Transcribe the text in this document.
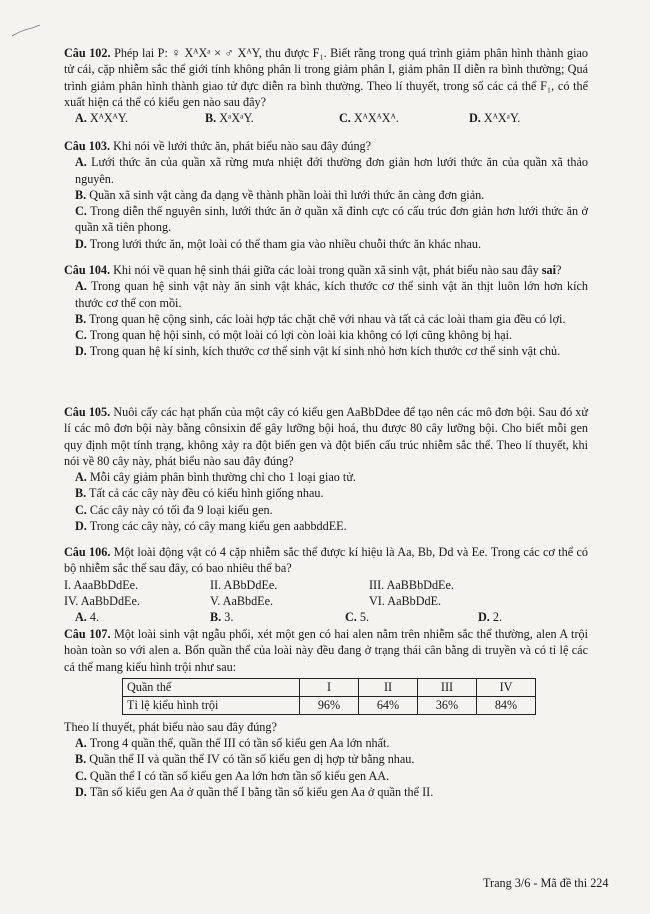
Câu 102. Phép lai P: ♀ XᴬXᵃ × ♂ XᴬY, thu được F₁. Biết rằng trong quá trình giảm phân hình thành giao tử cái, cặp nhiễm sắc thể giới tính không phân li trong giảm phân I, giảm phân II diễn ra bình thường; Quá trình giảm phân hình thành giao tử đực diễn ra bình thường. Theo lí thuyết, trong số các cá thể F₁, có thể xuất hiện cá thể có kiểu gen nào sau đây?

A. XᴬXᴬY.	B. XᵃXᵃY.	C. XᴬXᴬXᴬ.	D. XᴬXᵃY.

Câu 103. Khi nói về lưới thức ăn, phát biểu nào sau đây đúng?

A. Lưới thức ăn của quần xã rừng mưa nhiệt đới thường đơn giản hơn lưới thức ăn của quần xã thảo nguyên.

B. Quần xã sinh vật càng đa dạng về thành phần loài thì lưới thức ăn càng đơn giản.

C. Trong diễn thế nguyên sinh, lưới thức ăn ở quần xã đỉnh cực có cấu trúc đơn giản hơn lưới thức ăn ở quần xã tiên phong.

D. Trong lưới thức ăn, một loài có thể tham gia vào nhiều chuỗi thức ăn khác nhau.

Câu 104. Khi nói về quan hệ sinh thái giữa các loài trong quần xã sinh vật, phát biểu nào sau đây sai?

A. Trong quan hệ sinh vật này ăn sinh vật khác, kích thước cơ thể sinh vật ăn thịt luôn lớn hơn kích thước cơ thể con mồi.

B. Trong quan hệ cộng sinh, các loài hợp tác chặt chẽ với nhau và tất cả các loài tham gia đều có lợi.

C. Trong quan hệ hội sinh, có một loài có lợi còn loài kia không có lợi cũng không bị hại.

D. Trong quan hệ kí sinh, kích thước cơ thể sinh vật kí sinh nhỏ hơn kích thước cơ thể sinh vật chủ.

Câu 105. Nuôi cấy các hạt phấn của một cây có kiểu gen AaBbDdee để tạo nên các mô đơn bội. Sau đó xử lí các mô đơn bội này bằng cônsixin để gây lưỡng bội hoá, thu được 80 cây lưỡng bội. Cho biết mỗi gen quy định một tính trạng, không xảy ra đột biến gen và đột biến cấu trúc nhiễm sắc thể. Theo lí thuyết, khi nói về 80 cây này, phát biểu nào sau đây đúng?

A. Mỗi cây giảm phân bình thường chỉ cho 1 loại giao tử.

B. Tất cả các cây này đều có kiểu hình giống nhau.

C. Các cây này có tối đa 9 loại kiểu gen.

D. Trong các cây này, có cây mang kiểu gen aabbddEE.

Câu 106. Một loài động vật có 4 cặp nhiễm sắc thể được kí hiệu là Aa, Bb, Dd và Ee. Trong các cơ thể có bộ nhiễm sắc thể sau đây, có bao nhiêu thể ba?

I. AaaBbDdEe.	II. ABbDdEe.	III. AaBBbDdEe.
IV. AaBbDdEe.	V. AaBbdEe.	VI. AaBbDdE.
A. 4.	B. 3.	C. 5.	D. 2.

Câu 107. Một loài sinh vật ngẫu phối, xét một gen có hai alen nằm trên nhiễm sắc thể thường, alen A trội hoàn toàn so với alen a. Bốn quần thể của loài này đều đang ở trạng thái cân bằng di truyền và có tỉ lệ các cá thể mang kiểu hình trội như sau:

Quần thể	I	II	III	IV
Tỉ lệ kiểu hình trội	96%	64%	36%	84%

Theo lí thuyết, phát biểu nào sau đây đúng?

A. Trong 4 quần thể, quần thể III có tần số kiểu gen Aa lớn nhất.

B. Quần thể II và quần thể IV có tần số kiểu gen dị hợp tử bằng nhau.

C. Quần thể I có tần số kiểu gen Aa lớn hơn tần số kiểu gen AA.

D. Tần số kiểu gen Aa ở quần thể I bằng tần số kiểu gen Aa ở quần thể II.

Trang 3/6 - Mã đề thi 224
